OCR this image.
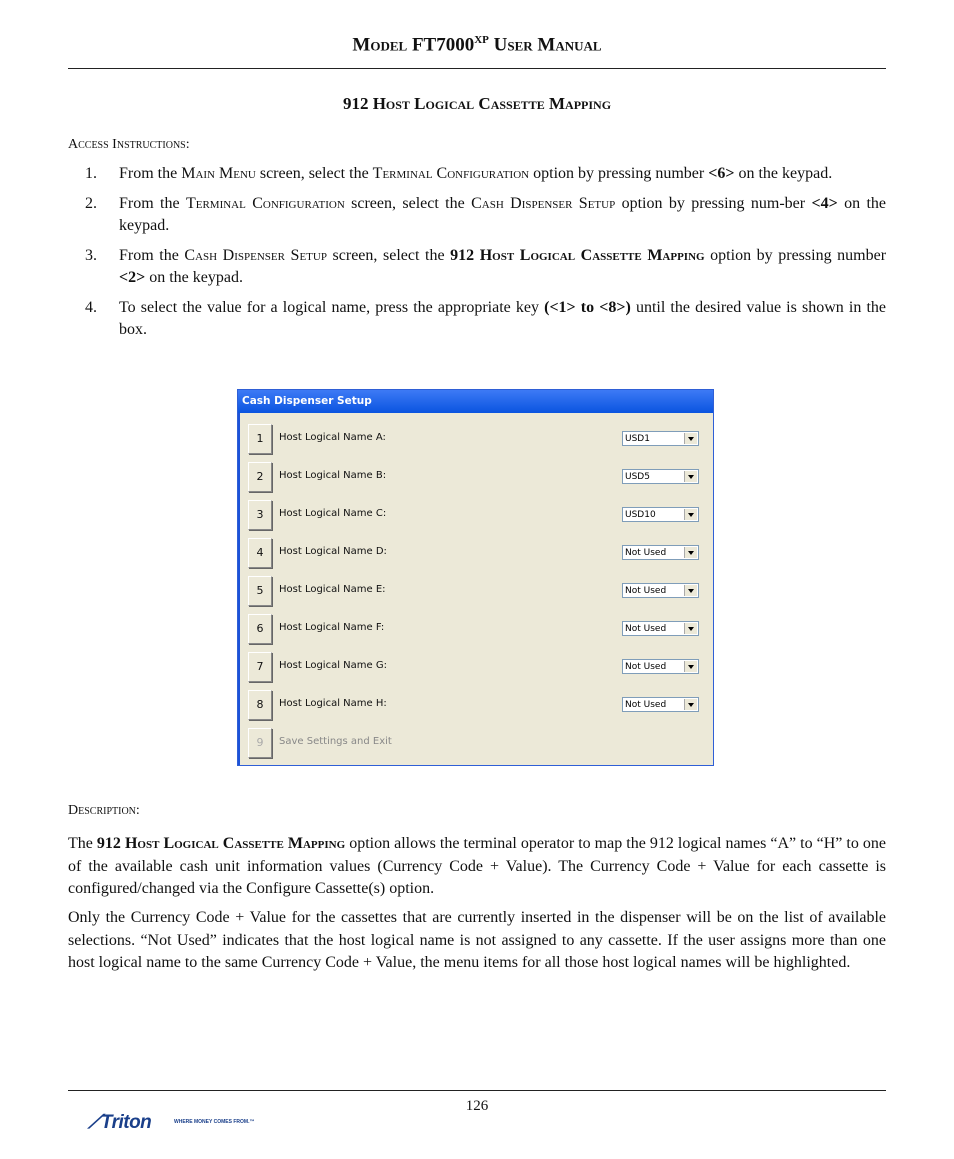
Model $FT7000^{XP}$ User Manual
912 Host Logical Cassette Mapping
Access Instructions:
1. From the Main Menu screen, select the Terminal Configuration option by pressing number <6> on the keypad.
2. From the Terminal Configuration screen, select the Cash Dispenser Setup option by pressing num-ber <4> on the keypad.
3. From the Cash Dispenser Setup screen, select the 912 Host Logical Cassette Mapping option by pressing number <2> on the keypad.
4. To select the value for a logical name, press the appropriate key (<1> to <8>) until the desired value is shown in the box.
Cash Dispenser Setup
1	Host Logical Name A:	USD1
2	Host Logical Name B:	USD5
3	Host Logical Name C:	USD10
4	Host Logical Name D:	Not Used
5	Host Logical Name E:	Not Used
6	Host Logical Name F:	Not Used
7	Host Logical Name G:	Not Used
8	Host Logical Name H:	Not Used
9	Save Settings and Exit
Description:
The 912 Host Logical Cassette Mapping option allows the terminal operator to map the 912 logical names “A” to “H” to one of the available cash unit information values (Currency Code + Value). The Currency Code + Value for each cassette is configured/changed via the Configure Cassette(s) option.
Only the Currency Code + Value for the cassettes that are currently inserted in the dispenser will be on the list of available selections. “Not Used” indicates that the host logical name is not assigned to any cassette. If the user assigns more than one host logical name to the same Currency Code + Value, the menu items for all those host logical names will be highlighted.
126
⟋Triton	WHERE MONEY COMES FROM.™
